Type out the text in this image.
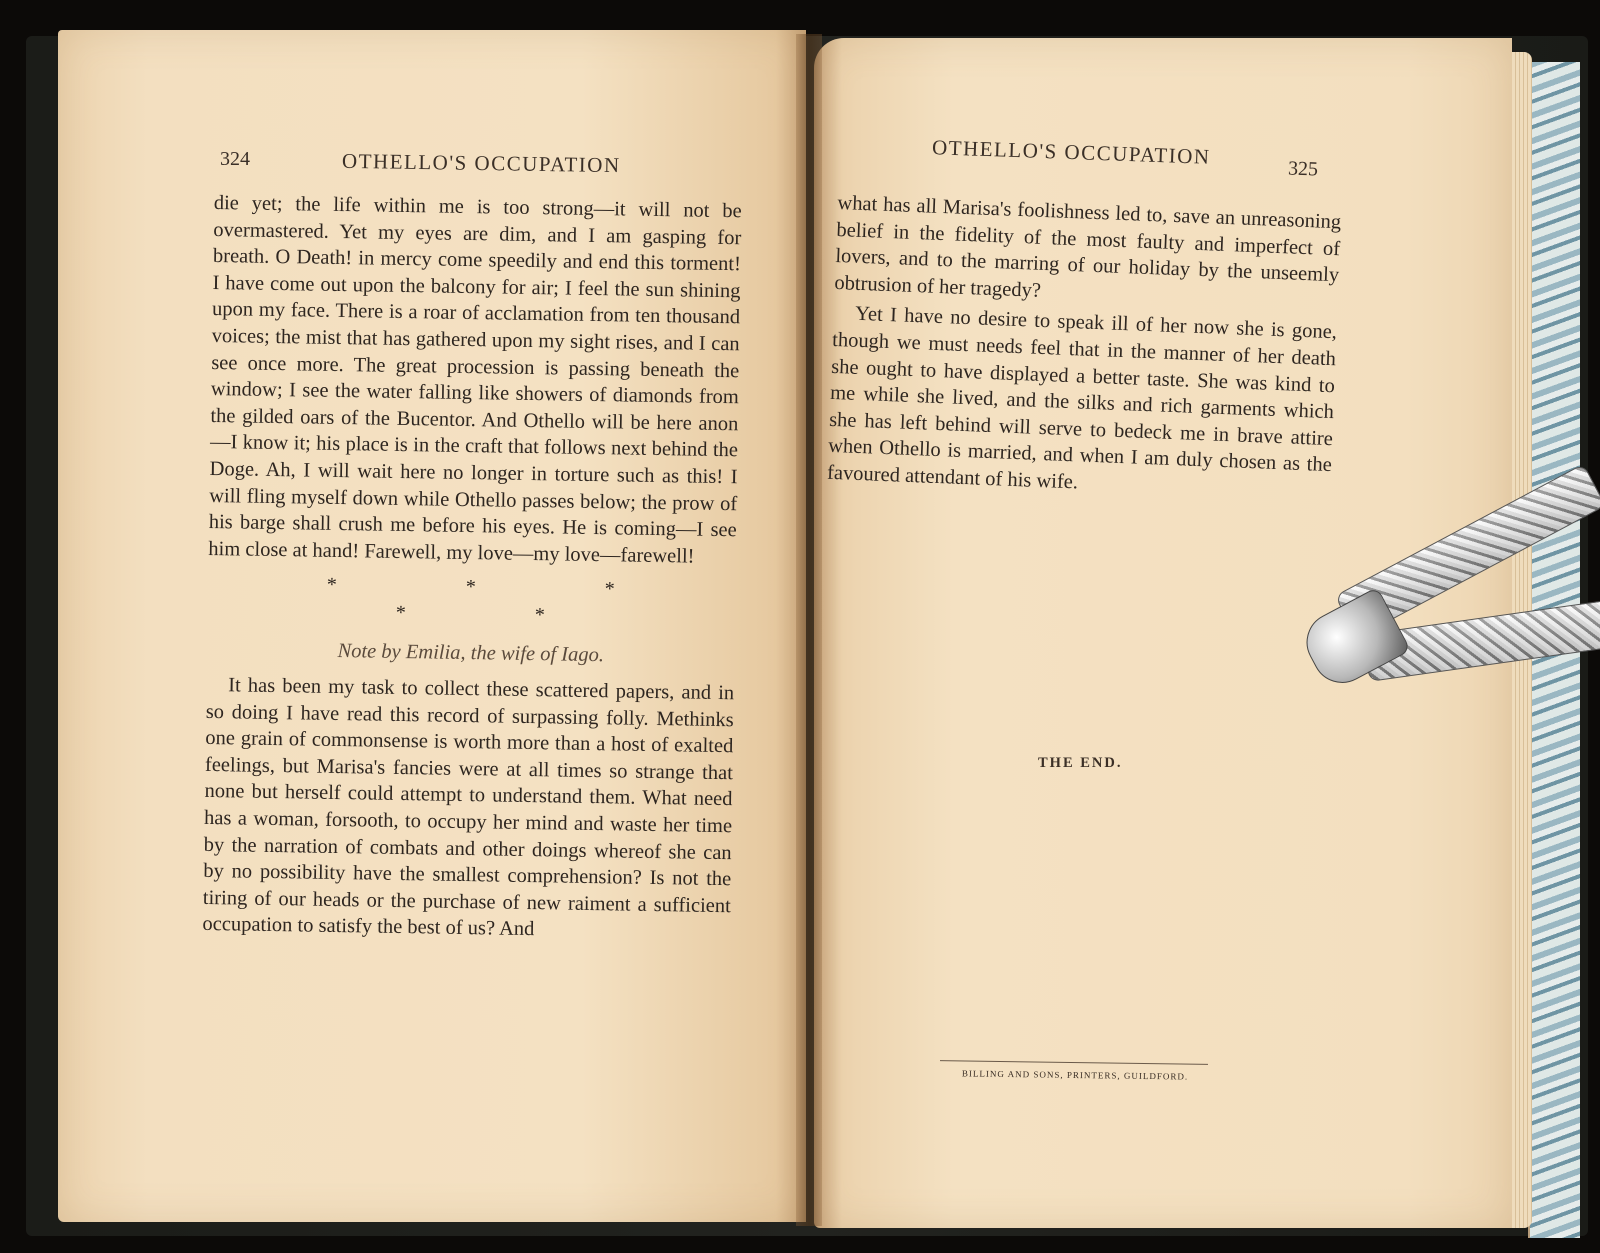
324	OTHELLO'S OCCUPATION

die yet; the life within me is too strong—it will not be overmastered. Yet my eyes are dim, and I am gasping for breath. O Death! in mercy come speedily and end this torment! I have come out upon the balcony for air; I feel the sun shining upon my face. There is a roar of acclamation from ten thousand voices; the mist that has gathered upon my sight rises, and I can see once more. The great procession is passing beneath the window; I see the water falling like showers of diamonds from the gilded oars of the Bucentor. And Othello will be here anon —I know it; his place is in the craft that follows next behind the Doge. Ah, I will wait here no longer in torture such as this! I will fling myself down while Othello passes below; the prow of his barge shall crush me before his eyes. He is coming—I see him close at hand! Farewell, my love—my love—farewell!

* * * * *
Note by Emilia, the wife of Iago.

It has been my task to collect these scattered papers, and in so doing I have read this record of surpassing folly. Methinks one grain of commonsense is worth more than a host of exalted feelings, but Marisa's fancies were at all times so strange that none but herself could attempt to understand them. What need has a woman, forsooth, to occupy her mind and waste her time by the narration of combats and other doings whereof she can by no possibility have the smallest comprehension? Is not the tiring of our heads or the purchase of new raiment a sufficient occupation to satisfy the best of us? And

OTHELLO'S OCCUPATION
325

what has all Marisa's foolishness led to, save an unreasoning belief in the fidelity of the most faulty and imperfect of lovers, and to the marring of our holiday by the unseemly obtrusion of her tragedy?

Yet I have no desire to speak ill of her now she is gone, though we must needs feel that in the manner of her death she ought to have displayed a better taste. She was kind to me while she lived, and the silks and rich garments which she has left behind will serve to bedeck me in brave attire when Othello is married, and when I am duly chosen as the favoured attendant of his wife.

THE END.
BILLING AND SONS, PRINTERS, GUILDFORD.
